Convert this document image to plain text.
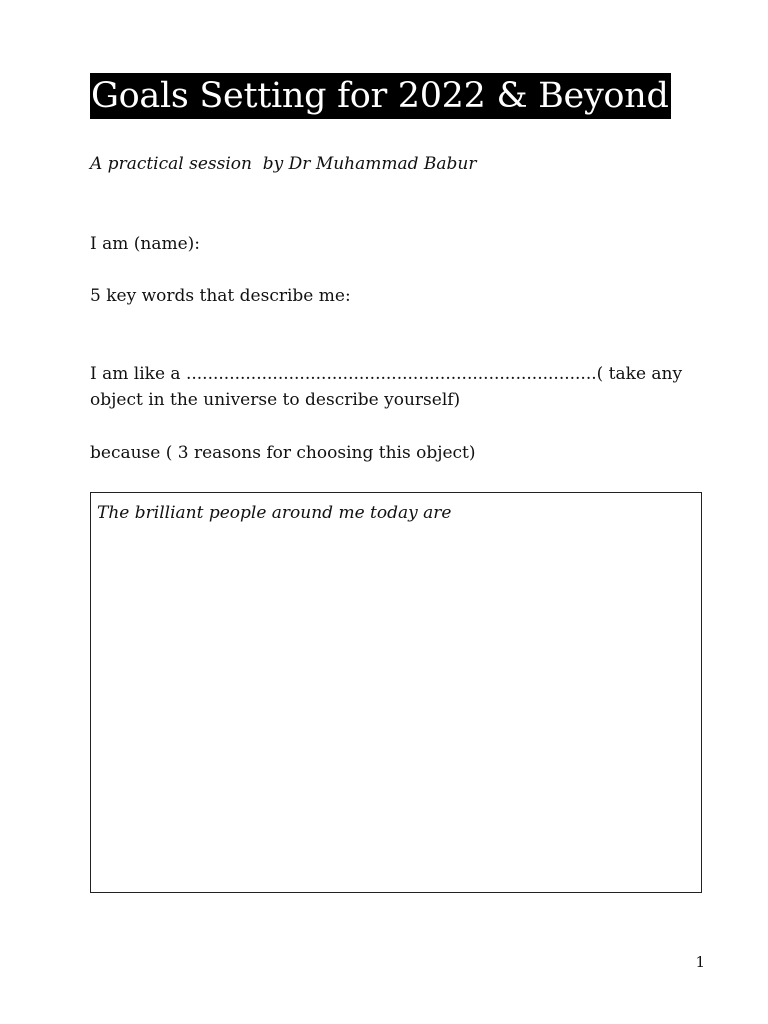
Goals Setting for 2022 & Beyond
A practical session  by Dr Muhammad Babur
I am (name):
5 key words that describe me:
I am like a ............................................................................( take any object in the universe to describe yourself)
because ( 3 reasons for choosing this object)
The brilliant people around me today are
1
